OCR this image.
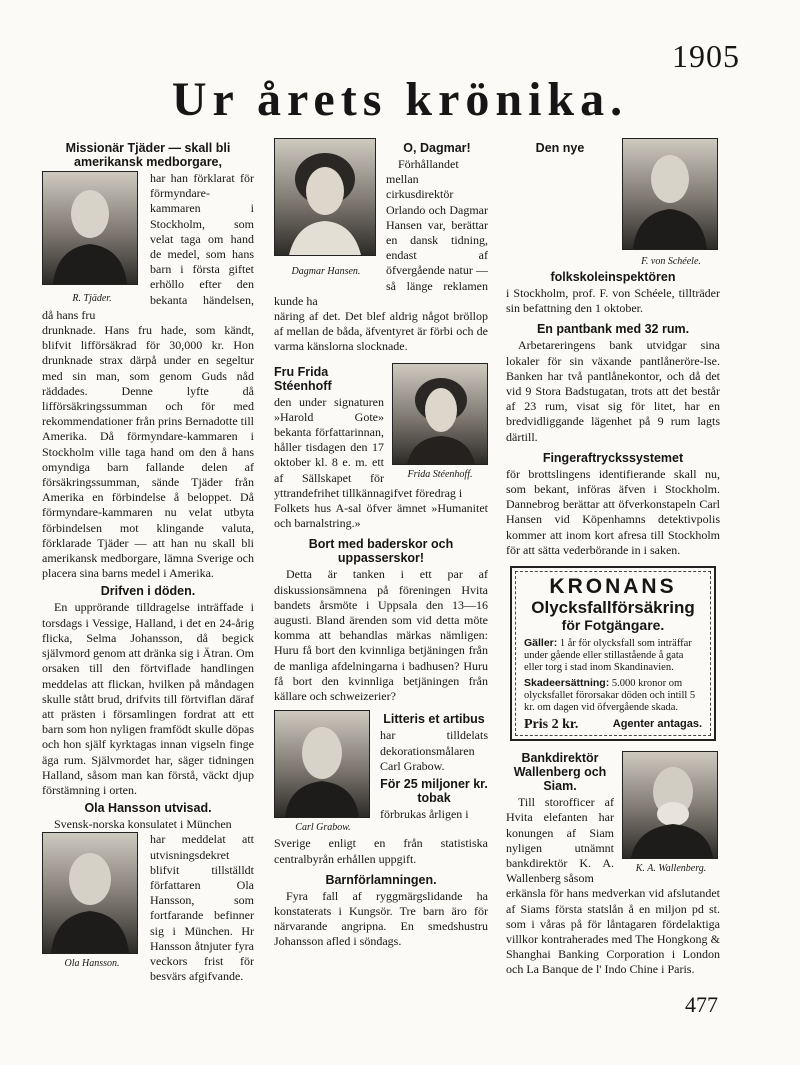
1905
Ur årets krönika.
Missionär Tjäder — skall bli amerikansk medborgare,
R. Tjäder.

har han förklarat för förmyndare-kammaren i Stockholm, som velat taga om hand de medel, som hans barn i första giftet erhöllo efter den bekanta händelsen, då hans fru

drunknade. Hans fru hade, som kändt, blifvit lifförsäkrad för 30,000 kr. Hon drunknade strax därpå under en segeltur med sin man, som genom Guds nåd räddades. Denne lyfte då lifförsäkringssumman och för med rekommendationer från prins Bernadotte till Amerika. Då förmyndare-kammaren i Stockholm ville taga hand om den å hans omyndiga barn fallande delen af försäkringssumman, sände Tjäder från Amerika en förbindelse å beloppet. Då förmyndare-kammaren nu velat utbyta förbindelsen mot klingande valuta, förklarade Tjäder — att han nu skall bli amerikansk medborgare, lämna Sverige och placera sina barns medel i Amerika.

Drifven i döden.

En upprörande tilldragelse inträffade i torsdags i Vessige, Halland, i det en 24-årig flicka, Selma Johansson, då begick självmord genom att dränka sig i Ätran. Om orsaken till den förtviflade handlingen meddelas att flickan, hvilken på måndagen skulle stått brud, drifvits till förtviflan däraf att prästen i församlingen fordrat att ett barn som hon nyligen framfödt skulle döpas och hon själf kyrktagas innan vigseln finge äga rum. Självmordet har, säger tidningen Halland, såsom man kan förstå, väckt djup förstämning i orten.

Ola Hansson utvisad.

Svensk-norska konsulatet i München

Ola Hansson.

har meddelat att utvisningsdekret blifvit tillställdt författaren Ola Hansson, som fortfarande befinner sig i München. Hr Hansson åtnjuter fyra veckors frist för besvärs afgifvande.

Dagmar Hansen.
O, Dagmar!

Förhållandet mellan cirkusdirektör Orlando och Dagmar Hansen var, berättar en dansk tidning, endast af öfvergående natur — så länge reklamen kunde ha

näring af det. Det blef aldrig något bröllop af mellan de båda, äfventyret är förbi och de varma känslorna slocknade.

Frida Stéenhoff.
Fru Frida Stéenhoff

den under signaturen »Harold Gote» bekanta författarinnan, håller tisdagen den 17 oktober kl. 8 e. m. ett af Sällskapet för yttrandefrihet tillkännagifvet föredrag i

Folkets hus A-sal öfver ämnet »Humanitet och barnalstring.»

Bort med baderskor och uppasserskor!

Detta är tanken i ett par af diskussionsämnena på föreningen Hvita bandets årsmöte i Uppsala den 13—16 augusti. Bland ärenden som vid detta möte komma att behandlas märkas nämligen: Huru få bort den kvinnliga betjäningen från de manliga afdelningarna i badhusen? Huru få bort den kvinnliga betjäningen från källare och schweizerier?

Carl Grabow.
Litteris et artibus

har tilldelats dekorationsmålaren Carl Grabow.

För 25 miljoner kr. tobak

förbrukas årligen i

Sverige enligt en från statistiska centralbyrån erhållen uppgift.

Barnförlamningen.

Fyra fall af ryggmärgslidande ha konstaterats i Kungsör. Tre barn äro för närvarande angripna. En smedshustru Johansson afled i söndags.

F. von Schéele.
Den nye folkskoleinspektören

i Stockholm, prof. F. von Schéele, tillträder sin befattning den 1 oktober.

En pantbank med 32 rum.

Arbetareringens bank utvidgar sina lokaler för sin växande pantlåneröre-lse. Banken har två pantlånekontor, och då det vid 9 Stora Badstugatan, trots att det består af 23 rum, visat sig för litet, har en bredvidliggande lägenhet på 9 rum lagts därtill.

Fingeraftryckssystemet

för brottslingens identifierande skall nu, som bekant, införas äfven i Stockholm. Dannebrog berättar att öfverkonstapeln Carl Hansen vid Köpenhamns detektivpolis kommer att inom kort afresa till Stockholm för att sätta vederbörande in i saken.

KRONANS
Olycksfallförsäkring
för Fotgängare.
Gäller: 1 år för olycksfall som inträffar under gående eller stillastående å gata eller torg i stad inom Skandinavien.
Skadeersättning: 5.000 kronor om olycksfallet förorsakar döden och intill 5 kr. om dagen vid öfvergående skada.
Pris 2 kr.	Agenter antagas.
K. A. Wallenberg.
Bankdirektör Wallenberg och Siam.

Till storofficer af Hvita elefanten har konungen af Siam nyligen utnämnt bankdirektör K. A. Wallenberg såsom

erkänsla för hans medverkan vid afslutandet af Siams första statslån å en miljon pd st. som i våras på för låntagaren fördelaktiga villkor kontraherades med The Hongkong & Shanghai Banking Corporation i London och La Banque de l' Indo Chine i Paris.

477
